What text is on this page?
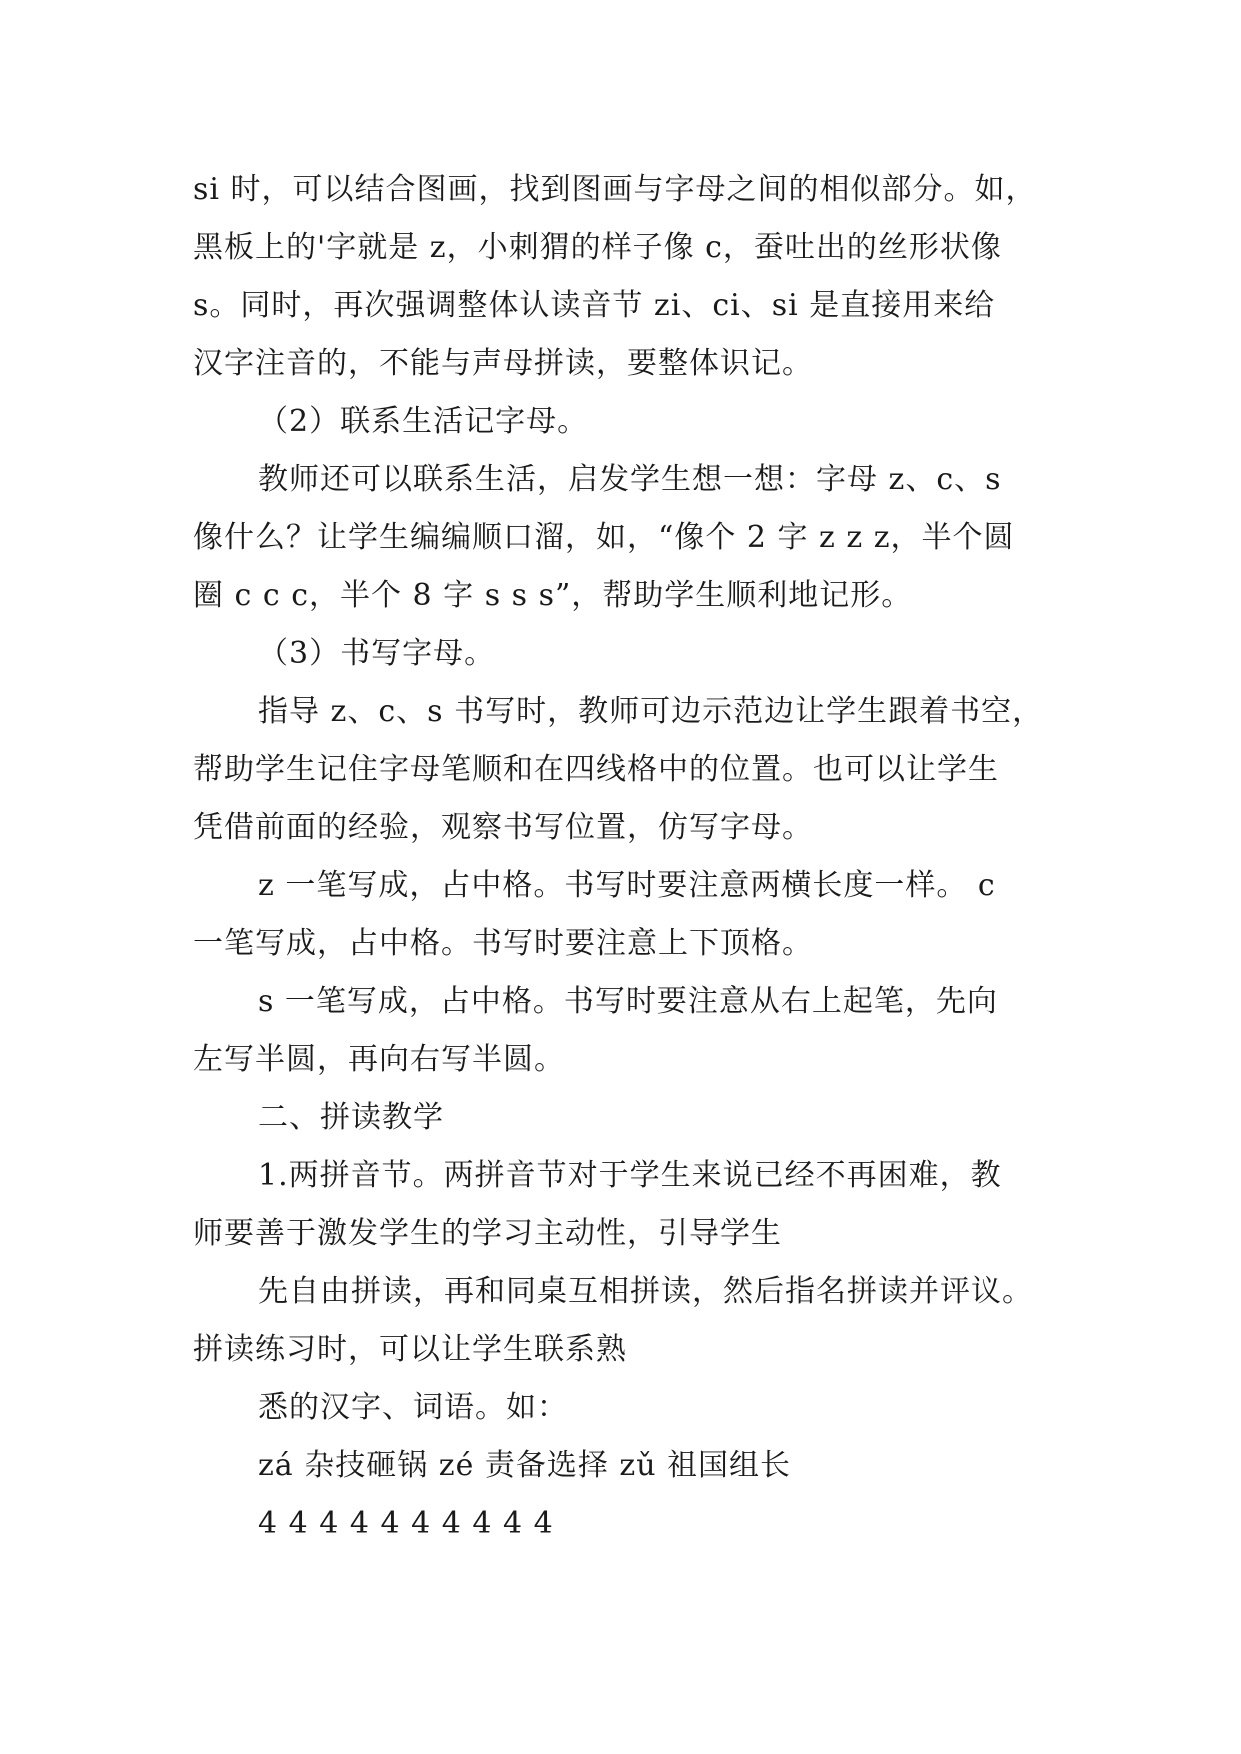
si 时，可以结合图画，找到图画与字母之间的相似部分。如，
黑板上的'字就是 z，小刺猬的样子像 c，蚕吐出的丝形状像
s。同时，再次强调整体认读音节 zi、ci、si 是直接用来给
汉字注音的，不能与声母拼读，要整体识记。
（2）联系生活记字母。
教师还可以联系生活，启发学生想一想：字母 z、c、s
像什么？让学生编编顺口溜，如，“像个 2 字 z z z，半个圆
圈 c c c，半个 8 字 s s s”，帮助学生顺利地记形。
（3）书写字母。
指导 z、c、s 书写时，教师可边示范边让学生跟着书空，
帮助学生记住字母笔顺和在四线格中的位置。也可以让学生
凭借前面的经验，观察书写位置，仿写字母。
z 一笔写成，占中格。书写时要注意两横长度一样。 c
一笔写成，占中格。书写时要注意上下顶格。
s 一笔写成，占中格。书写时要注意从右上起笔，先向
左写半圆，再向右写半圆。
二、拼读教学
1.两拼音节。两拼音节对于学生来说已经不再困难，教
师要善于激发学生的学习主动性，引导学生
先自由拼读，再和同桌互相拼读，然后指名拼读并评议。
拼读练习时，可以让学生联系熟
悉的汉字、词语。如：
zá 杂技砸锅 zé 责备选择 zǔ 祖国组长
4 4 4 4 4 4 4 4 4 4
